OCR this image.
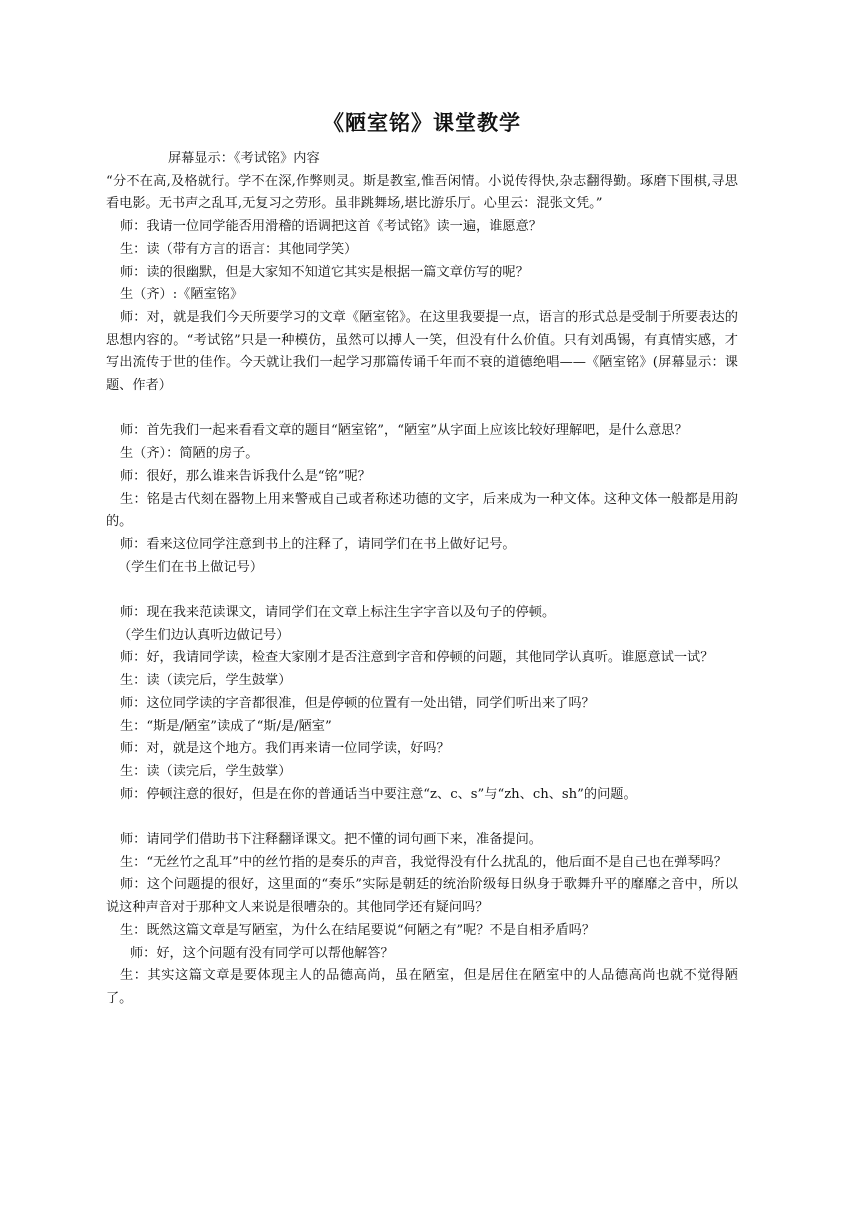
《陋室铭》课堂教学

屏幕显示：《考试铭》内容

“分不在高,及格就行。学不在深,作弊则灵。斯是教室,惟吾闲情。小说传得快,杂志翻得勤。琢磨下围棋,寻思看电影。无书声之乱耳,无复习之劳形。虽非跳舞场,堪比游乐厅。心里云：混张文凭。”

师：我请一位同学能否用滑稽的语调把这首《考试铭》读一遍，谁愿意？

生：读（带有方言的语言：其他同学笑）

师：读的很幽默，但是大家知不知道它其实是根据一篇文章仿写的呢？

生（齐）:《陋室铭》

师：对，就是我们今天所要学习的文章《陋室铭》。在这里我要提一点，语言的形式总是受制于所要表达的思想内容的。“考试铭”只是一种模仿，虽然可以搏人一笑，但没有什么价值。只有刘禹锡，有真情实感，才写出流传于世的佳作。今天就让我们一起学习那篇传诵千年而不衰的道德绝唱——《陋室铭》(屏幕显示：课题、作者）

师：首先我们一起来看看文章的题目“陋室铭”，“陋室”从字面上应该比较好理解吧，是什么意思？

生（齐）：简陋的房子。

师：很好，那么谁来告诉我什么是“铭”呢？

生：铭是古代刻在器物上用来警戒自己或者称述功德的文字，后来成为一种文体。这种文体一般都是用韵的。

师：看来这位同学注意到书上的注释了，请同学们在书上做好记号。

（学生们在书上做记号）

师：现在我来范读课文，请同学们在文章上标注生字字音以及句子的停顿。

（学生们边认真听边做记号）

师：好，我请同学读，检查大家刚才是否注意到字音和停顿的问题，其他同学认真听。谁愿意试一试？

生：读（读完后，学生鼓掌）

师：这位同学读的字音都很准，但是停顿的位置有一处出错，同学们听出来了吗？

生：“斯是/陋室”读成了“斯/是/陋室”

师：对，就是这个地方。我们再来请一位同学读，好吗？

生：读（读完后，学生鼓掌）

师：停顿注意的很好，但是在你的普通话当中要注意“z、c、s”与“zh、ch、sh”的问题。

师：请同学们借助书下注释翻译课文。把不懂的词句画下来，准备提问。

生：“无丝竹之乱耳”中的丝竹指的是奏乐的声音，我觉得没有什么扰乱的，他后面不是自己也在弹琴吗？

师：这个问题提的很好，这里面的“奏乐”实际是朝廷的统治阶级每日纵身于歌舞升平的靡靡之音中，所以说这种声音对于那种文人来说是很嘈杂的。其他同学还有疑问吗？

生：既然这篇文章是写陋室，为什么在结尾要说“何陋之有”呢？不是自相矛盾吗？

师：好，这个问题有没有同学可以帮他解答？

生：其实这篇文章是要体现主人的品德高尚，虽在陋室，但是居住在陋室中的人品德高尚也就不觉得陋了。
